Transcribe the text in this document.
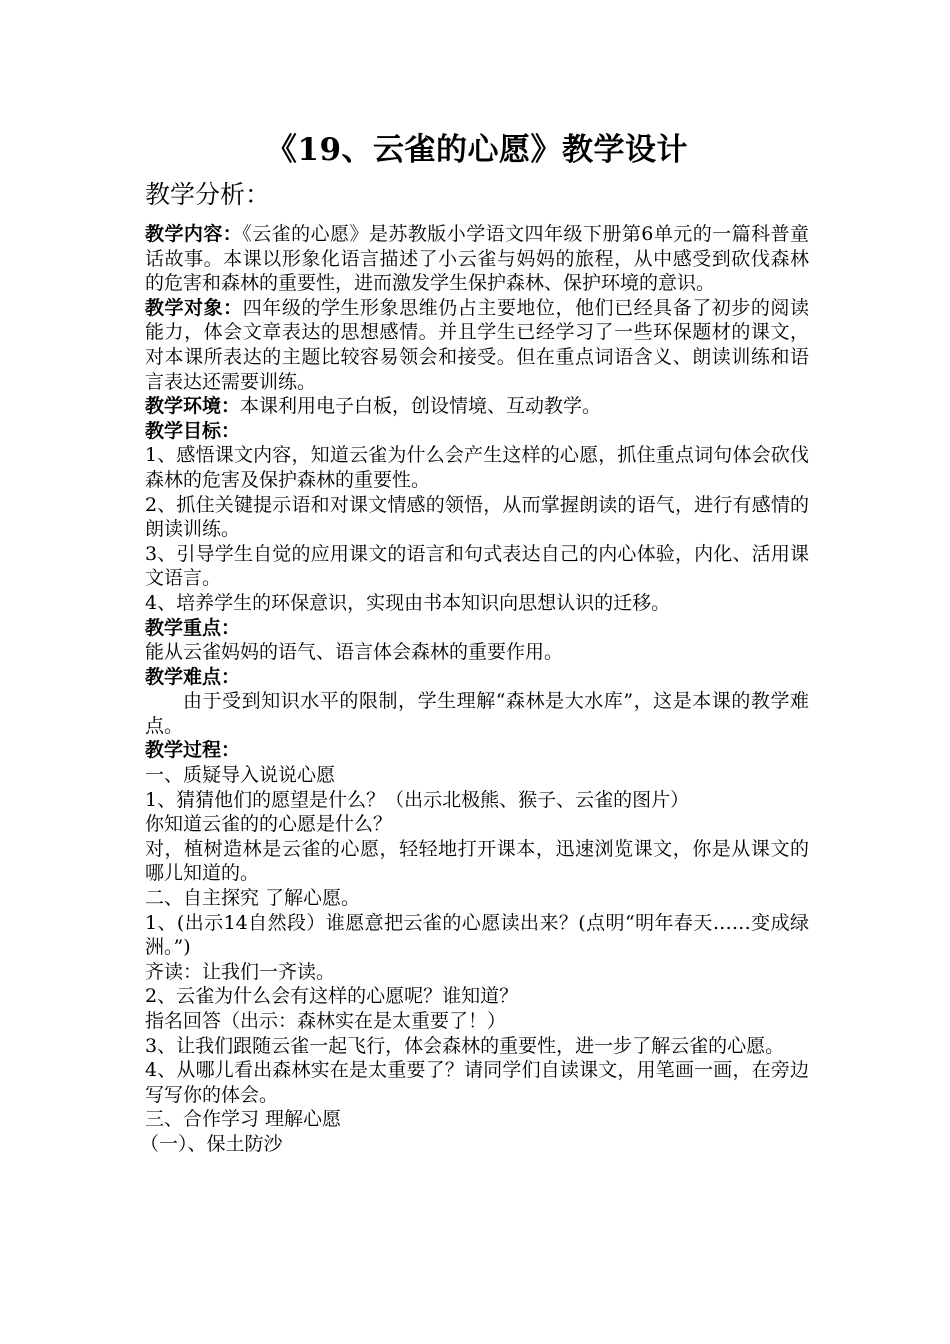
《19、云雀的心愿》教学设计
教学分析：

教学内容：《云雀的心愿》是苏教版小学语文四年级下册第6单元的一篇科普童话故事。本课以形象化语言描述了小云雀与妈妈的旅程，从中感受到砍伐森林的危害和森林的重要性，进而激发学生保护森林、保护环境的意识。

教学对象：四年级的学生形象思维仍占主要地位，他们已经具备了初步的阅读能力，体会文章表达的思想感情。并且学生已经学习了一些环保题材的课文，对本课所表达的主题比较容易领会和接受。但在重点词语含义、朗读训练和语言表达还需要训练。

教学环境：本课利用电子白板，创设情境、互动教学。

教学目标：

1、感悟课文内容，知道云雀为什么会产生这样的心愿，抓住重点词句体会砍伐森林的危害及保护森林的重要性。

2、抓住关键提示语和对课文情感的领悟，从而掌握朗读的语气，进行有感情的朗读训练。

3、引导学生自觉的应用课文的语言和句式表达自己的内心体验，内化、活用课文语言。

4、培养学生的环保意识，实现由书本知识向思想认识的迁移。

教学重点：

能从云雀妈妈的语气、语言体会森林的重要作用。

教学难点：

由于受到知识水平的限制，学生理解“森林是大水库”，这是本课的教学难点。

教学过程：

一、质疑导入说说心愿

1、猜猜他们的愿望是什么？（出示北极熊、猴子、云雀的图片）

你知道云雀的的心愿是什么？

对，植树造林是云雀的心愿，轻轻地打开课本，迅速浏览课文，你是从课文的哪儿知道的。

二、自主探究 了解心愿。

1、(出示14自然段）谁愿意把云雀的心愿读出来？(点明“明年春天……变成绿洲。”)

齐读：让我们一齐读。

2、云雀为什么会有这样的心愿呢？谁知道？

指名回答（出示：森林实在是太重要了！）

3、让我们跟随云雀一起飞行，体会森林的重要性，进一步了解云雀的心愿。

4、从哪儿看出森林实在是太重要了？请同学们自读课文，用笔画一画，在旁边写写你的体会。

三、合作学习 理解心愿

（一）、保土防沙
